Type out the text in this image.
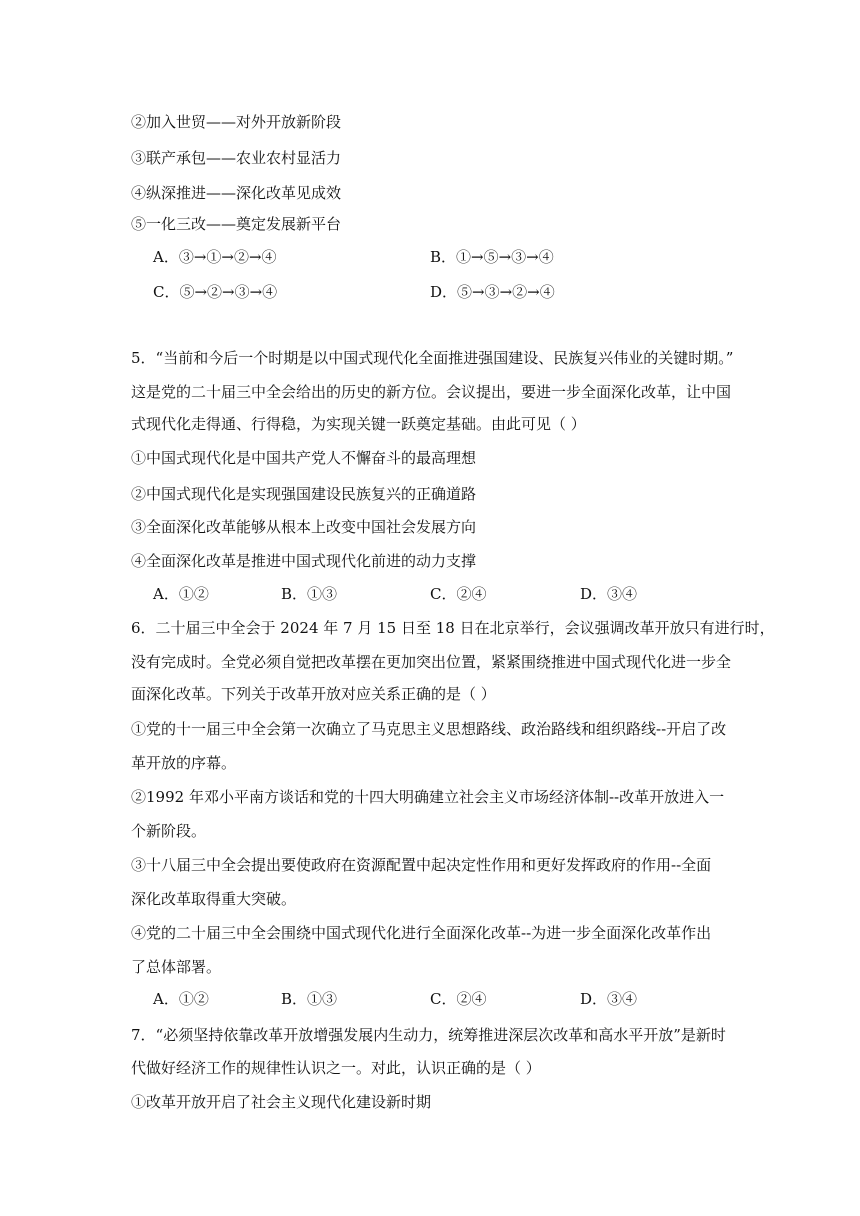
②加入世贸——对外开放新阶段
③联产承包——农业农村显活力
④纵深推进——深化改革见成效
⑤一化三改——奠定发展新平台
A．③→①→②→④	B．①→⑤→③→④
C．⑤→②→③→④	D．⑤→③→②→④
5．“当前和今后一个时期是以中国式现代化全面推进强国建设、民族复兴伟业的关键时期。”
这是党的二十届三中全会给出的历史的新方位。会议提出，要进一步全面深化改革，让中国
式现代化走得通、行得稳，为实现关键一跃奠定基础。由此可见（ ）
①中国式现代化是中国共产党人不懈奋斗的最高理想
②中国式现代化是实现强国建设民族复兴的正确道路
③全面深化改革能够从根本上改变中国社会发展方向
④全面深化改革是推进中国式现代化前进的动力支撑
A．①②	B．①③	C．②④	D．③④
6．二十届三中全会于 2024 年 7 月 15 日至 18 日在北京举行，会议强调改革开放只有进行时，
没有完成时。全党必须自觉把改革摆在更加突出位置，紧紧围绕推进中国式现代化进一步全
面深化改革。下列关于改革开放对应关系正确的是（ ）
①党的十一届三中全会第一次确立了马克思主义思想路线、政治路线和组织路线--开启了改
革开放的序幕。
②1992 年邓小平南方谈话和党的十四大明确建立社会主义市场经济体制--改革开放进入一
个新阶段。
③十八届三中全会提出要使政府在资源配置中起决定性作用和更好发挥政府的作用--全面
深化改革取得重大突破。
④党的二十届三中全会围绕中国式现代化进行全面深化改革--为进一步全面深化改革作出
了总体部署。
A．①②	B．①③	C．②④	D．③④
7．“必须坚持依靠改革开放增强发展内生动力，统筹推进深层次改革和高水平开放”是新时
代做好经济工作的规律性认识之一。对此，认识正确的是（ ）
①改革开放开启了社会主义现代化建设新时期
